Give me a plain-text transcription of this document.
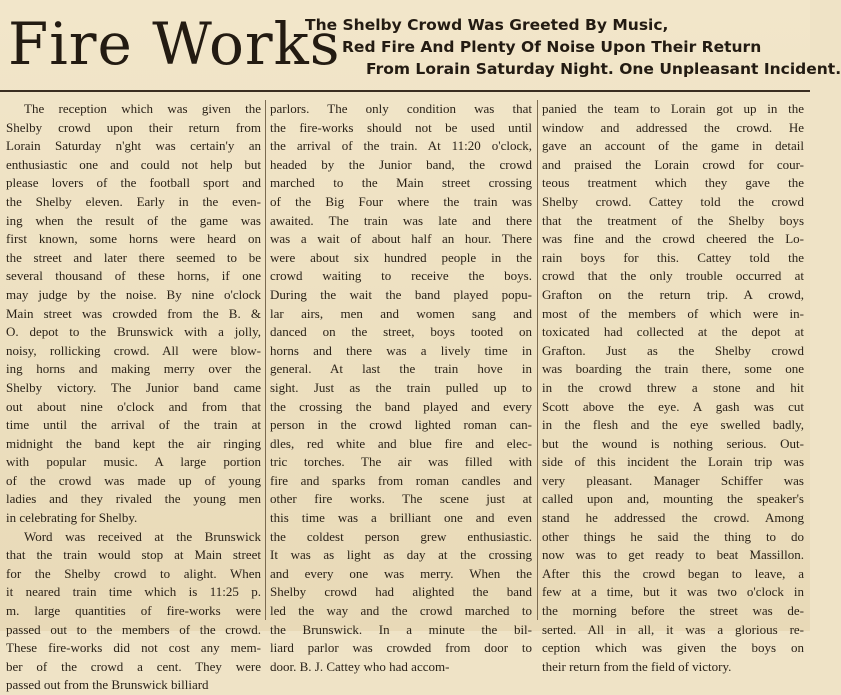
Fire Works
The Shelby Crowd Was Greeted By Music,
Red Fire And Plenty Of Noise Upon Their Return
From Lorain Saturday Night. One Unpleasant Incident.
The reception which was given the
Shelby crowd upon their return from
Lorain Saturday n'ght was certain'y an
enthusiastic one and could not help but
please lovers of the football sport and
the Shelby eleven. Early in the even-
ing when the result of the game was
first known, some horns were heard on
the street and later there seemed to be
several thousand of these horns, if one
may judge by the noise. By nine o'clock
Main street was crowded from the B. &
O. depot to the Brunswick with a jolly,
noisy, rollicking crowd. All were blow-
ing horns and making merry over the
Shelby victory. The Junior band came
out about nine o'clock and from that
time until the arrival of the train at
midnight the band kept the air ringing
with popular music. A large portion
of the crowd was made up of young
ladies and they rivaled the young men
in celebrating for Shelby.
Word was received at the Brunswick
that the train would stop at Main street
for the Shelby crowd to alight. When
it neared train time which is 11:25 p.
m. large quantities of fire-works were
passed out to the members of the crowd.
These fire-works did not cost any mem-
ber of the crowd a cent. They were
passed out from the Brunswick billiard
parlors. The only condition was that
the fire-works should not be used until
the arrival of the train. At 11:20 o'clock,
headed by the Junior band, the crowd
marched to the Main street crossing
of the Big Four where the train was
awaited. The train was late and there
was a wait of about half an hour. There
were about six hundred people in the
crowd waiting to receive the boys.
During the wait the band played popu-
lar airs, men and women sang and
danced on the street, boys tooted on
horns and there was a lively time in
general. At last the train hove in
sight. Just as the train pulled up to
the crossing the band played and every
person in the crowd lighted roman can-
dles, red white and blue fire and elec-
tric torches. The air was filled with
fire and sparks from roman candles and
other fire works. The scene just at
this time was a brilliant one and even
the coldest person grew enthusiastic.
It was as light as day at the crossing
and every one was merry. When the
Shelby crowd had alighted the band
led the way and the crowd marched to
the Brunswick. In a minute the bil-
liard parlor was crowded from door to
door. B. J. Cattey who had accom-
panied the team to Lorain got up in the
window and addressed the crowd. He
gave an account of the game in detail
and praised the Lorain crowd for cour-
teous treatment which they gave the
Shelby crowd. Cattey told the crowd
that the treatment of the Shelby boys
was fine and the crowd cheered the Lo-
rain boys for this. Cattey told the
crowd that the only trouble occurred at
Grafton on the return trip. A crowd,
most of the members of which were in-
toxicated had collected at the depot at
Grafton. Just as the Shelby crowd
was boarding the train there, some one
in the crowd threw a stone and hit
Scott above the eye. A gash was cut
in the flesh and the eye swelled badly,
but the wound is nothing serious. Out-
side of this incident the Lorain trip was
very pleasant. Manager Schiffer was
called upon and, mounting the speaker's
stand he addressed the crowd. Among
other things he said the thing to do
now was to get ready to beat Massillon.
After this the crowd began to leave, a
few at a time, but it was two o'clock in
the morning before the street was de-
serted. All in all, it was a glorious re-
ception which was given the boys on
their return from the field of victory.
